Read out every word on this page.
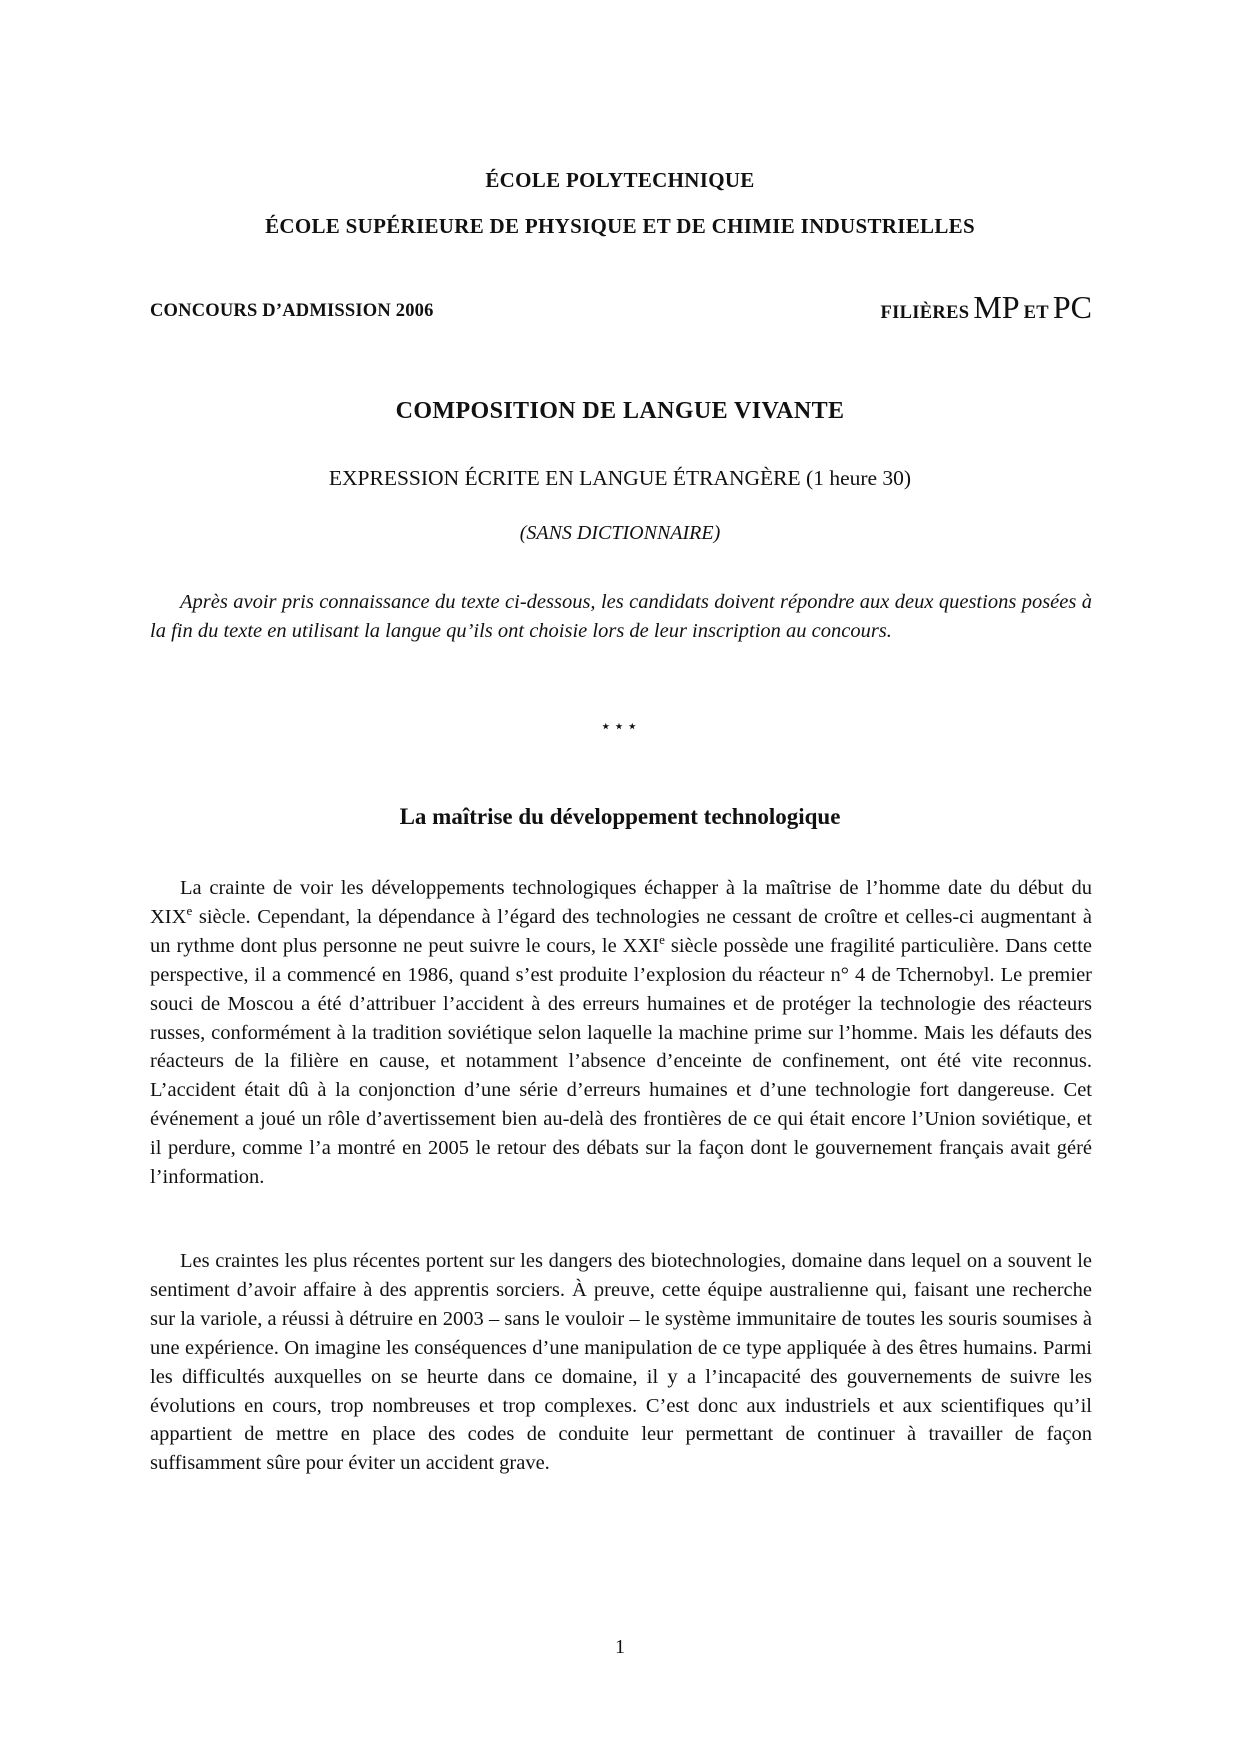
ÉCOLE POLYTECHNIQUE
ÉCOLE SUPÉRIEURE DE PHYSIQUE ET DE CHIMIE INDUSTRIELLES
CONCOURS D’ADMISSION 2006	FILIÈRES MP ET PC
COMPOSITION DE LANGUE VIVANTE
EXPRESSION ÉCRITE EN LANGUE ÉTRANGÈRE (1 heure 30)
(SANS DICTIONNAIRE)

Après avoir pris connaissance du texte ci-dessous, les candidats doivent répondre aux deux questions posées à la fin du texte en utilisant la langue qu’ils ont choisie lors de leur inscription au concours.

⋆⋆⋆
La maîtrise du développement technologique

La crainte de voir les développements technologiques échapper à la maîtrise de l’homme date du début du XIXe siècle. Cependant, la dépendance à l’égard des technologies ne cessant de croître et celles-ci augmentant à un rythme dont plus personne ne peut suivre le cours, le XXIe siècle possède une fragilité particulière. Dans cette perspective, il a commencé en 1986, quand s’est produite l’explosion du réacteur n° 4 de Tchernobyl. Le premier souci de Moscou a été d’attribuer l’accident à des erreurs humaines et de protéger la technologie des réacteurs russes, conformément à la tradition soviétique selon laquelle la machine prime sur l’homme. Mais les défauts des réacteurs de la filière en cause, et notamment l’absence d’enceinte de confinement, ont été vite reconnus. L’accident était dû à la conjonction d’une série d’erreurs humaines et d’une technologie fort dangereuse. Cet événement a joué un rôle d’avertissement bien au-delà des frontières de ce qui était encore l’Union soviétique, et il perdure, comme l’a montré en 2005 le retour des débats sur la façon dont le gouvernement français avait géré l’information.

Les craintes les plus récentes portent sur les dangers des biotechnologies, domaine dans lequel on a souvent le sentiment d’avoir affaire à des apprentis sorciers. À preuve, cette équipe australienne qui, faisant une recherche sur la variole, a réussi à détruire en 2003 – sans le vouloir – le système immunitaire de toutes les souris soumises à une expérience. On imagine les conséquences d’une manipulation de ce type appliquée à des êtres humains. Parmi les difficultés auxquelles on se heurte dans ce domaine, il y a l’incapacité des gouvernements de suivre les évolutions en cours, trop nombreuses et trop complexes. C’est donc aux industriels et aux scientifiques qu’il appartient de mettre en place des codes de conduite leur permettant de continuer à travailler de façon suffisamment sûre pour éviter un accident grave.

1
